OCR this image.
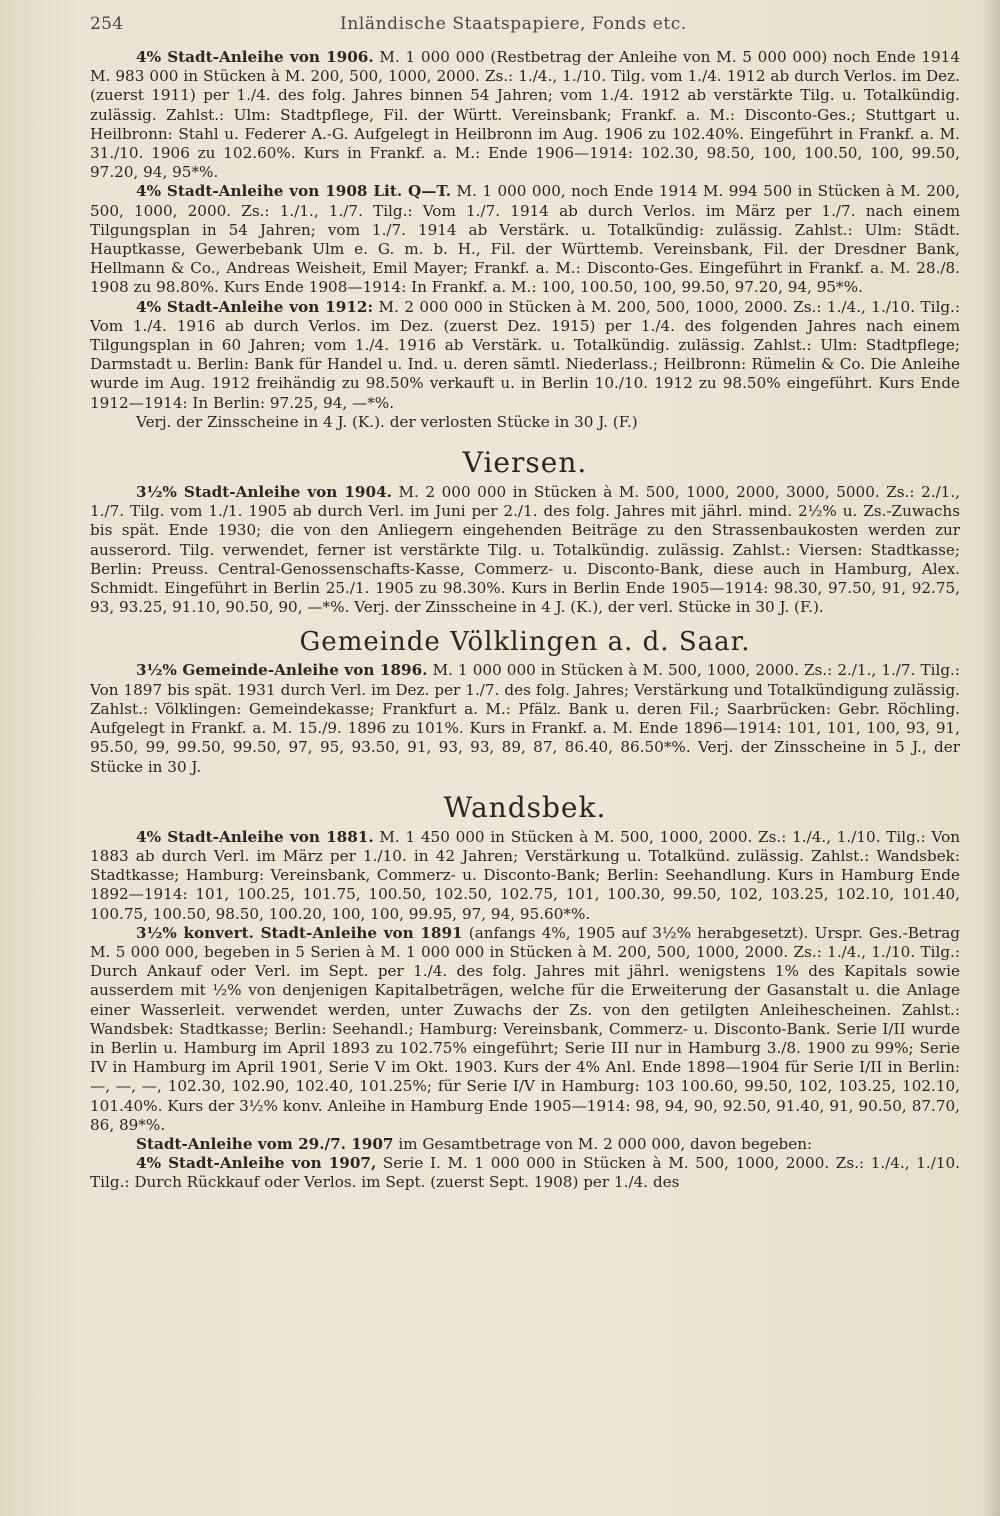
254	Inländische Staatspapiere, Fonds etc.

4% Stadt-Anleihe von 1906. M. 1 000 000 (Restbetrag der Anleihe von M. 5 000 000) noch Ende 1914 M. 983 000 in Stücken à M. 200, 500, 1000, 2000. Zs.: 1./4., 1./10. Tilg. vom 1./4. 1912 ab durch Verlos. im Dez. (zuerst 1911) per 1./4. des folg. Jahres binnen 54 Jahren; vom 1./4. 1912 ab verstärkte Tilg. u. Totalkündig. zulässig. Zahlst.: Ulm: Stadtpflege, Fil. der Württ. Vereinsbank; Frankf. a. M.: Disconto-Ges.; Stuttgart u. Heilbronn: Stahl u. Federer A.-G. Aufgelegt in Heilbronn im Aug. 1906 zu 102.40%. Eingeführt in Frankf. a. M. 31./10. 1906 zu 102.60%. Kurs in Frankf. a. M.: Ende 1906—1914: 102.30, 98.50, 100, 100.50, 100, 99.50, 97.20, 94, 95*%.

4% Stadt-Anleihe von 1908 Lit. Q—T. M. 1 000 000, noch Ende 1914 M. 994 500 in Stücken à M. 200, 500, 1000, 2000. Zs.: 1./1., 1./7. Tilg.: Vom 1./7. 1914 ab durch Verlos. im März per 1./7. nach einem Tilgungsplan in 54 Jahren; vom 1./7. 1914 ab Verstärk. u. Totalkündig: zulässig. Zahlst.: Ulm: Städt. Hauptkasse, Gewerbebank Ulm e. G. m. b. H., Fil. der Württemb. Vereinsbank, Fil. der Dresdner Bank, Hellmann & Co., Andreas Weisheit, Emil Mayer; Frankf. a. M.: Disconto-Ges. Eingeführt in Frankf. a. M. 28./8. 1908 zu 98.80%. Kurs Ende 1908—1914: In Frankf. a. M.: 100, 100.50, 100, 99.50, 97.20, 94, 95*%.

4% Stadt-Anleihe von 1912: M. 2 000 000 in Stücken à M. 200, 500, 1000, 2000. Zs.: 1./4., 1./10. Tilg.: Vom 1./4. 1916 ab durch Verlos. im Dez. (zuerst Dez. 1915) per 1./4. des folgenden Jahres nach einem Tilgungsplan in 60 Jahren; vom 1./4. 1916 ab Verstärk. u. Totalkündig. zulässig. Zahlst.: Ulm: Stadtpflege; Darmstadt u. Berlin: Bank für Handel u. Ind. u. deren sämtl. Niederlass.; Heilbronn: Rümelin & Co. Die Anleihe wurde im Aug. 1912 freihändig zu 98.50% verkauft u. in Berlin 10./10. 1912 zu 98.50% eingeführt. Kurs Ende 1912—1914: In Berlin: 97.25, 94, —*%.

Verj. der Zinsscheine in 4 J. (K.). der verlosten Stücke in 30 J. (F.)

Viersen.

3½% Stadt-Anleihe von 1904. M. 2 000 000 in Stücken à M. 500, 1000, 2000, 3000, 5000. Zs.: 2./1., 1./7. Tilg. vom 1./1. 1905 ab durch Verl. im Juni per 2./1. des folg. Jahres mit jährl. mind. 2½% u. Zs.-Zuwachs bis spät. Ende 1930; die von den Anliegern eingehenden Beiträge zu den Strassenbaukosten werden zur ausserord. Tilg. verwendet, ferner ist verstärkte Tilg. u. Totalkündig. zulässig. Zahlst.: Viersen: Stadtkasse; Berlin: Preuss. Central-Genossenschafts-Kasse, Commerz- u. Disconto-Bank, diese auch in Hamburg, Alex. Schmidt. Eingeführt in Berlin 25./1. 1905 zu 98.30%. Kurs in Berlin Ende 1905—1914: 98.30, 97.50, 91, 92.75, 93, 93.25, 91.10, 90.50, 90, —*%. Verj. der Zinsscheine in 4 J. (K.), der verl. Stücke in 30 J. (F.).

Gemeinde Völklingen a. d. Saar.

3½% Gemeinde-Anleihe von 1896. M. 1 000 000 in Stücken à M. 500, 1000, 2000. Zs.: 2./1., 1./7. Tilg.: Von 1897 bis spät. 1931 durch Verl. im Dez. per 1./7. des folg. Jahres; Verstärkung und Totalkündigung zulässig. Zahlst.: Völklingen: Gemeindekasse; Frankfurt a. M.: Pfälz. Bank u. deren Fil.; Saarbrücken: Gebr. Röchling. Aufgelegt in Frankf. a. M. 15./9. 1896 zu 101%. Kurs in Frankf. a. M. Ende 1896—1914: 101, 101, 100, 93, 91, 95.50, 99, 99.50, 99.50, 97, 95, 93.50, 91, 93, 93, 89, 87, 86.40, 86.50*%. Verj. der Zinsscheine in 5 J., der Stücke in 30 J.

Wandsbek.

4% Stadt-Anleihe von 1881. M. 1 450 000 in Stücken à M. 500, 1000, 2000. Zs.: 1./4., 1./10. Tilg.: Von 1883 ab durch Verl. im März per 1./10. in 42 Jahren; Verstärkung u. Totalkünd. zulässig. Zahlst.: Wandsbek: Stadtkasse; Hamburg: Vereinsbank, Commerz- u. Disconto-Bank; Berlin: Seehandlung. Kurs in Hamburg Ende 1892—1914: 101, 100.25, 101.75, 100.50, 102.50, 102.75, 101, 100.30, 99.50, 102, 103.25, 102.10, 101.40, 100.75, 100.50, 98.50, 100.20, 100, 100, 99.95, 97, 94, 95.60*%.

3½% konvert. Stadt-Anleihe von 1891 (anfangs 4%, 1905 auf 3½% herabgesetzt). Urspr. Ges.-Betrag M. 5 000 000, begeben in 5 Serien à M. 1 000 000 in Stücken à M. 200, 500, 1000, 2000. Zs.: 1./4., 1./10. Tilg.: Durch Ankauf oder Verl. im Sept. per 1./4. des folg. Jahres mit jährl. wenigstens 1% des Kapitals sowie ausserdem mit ½% von denjenigen Kapitalbeträgen, welche für die Erweiterung der Gasanstalt u. die Anlage einer Wasserleit. verwendet werden, unter Zuwachs der Zs. von den getilgten Anleihescheinen. Zahlst.: Wandsbek: Stadtkasse; Berlin: Seehandl.; Hamburg: Vereinsbank, Commerz- u. Disconto-Bank. Serie I/II wurde in Berlin u. Hamburg im April 1893 zu 102.75% eingeführt; Serie III nur in Hamburg 3./8. 1900 zu 99%; Serie IV in Hamburg im April 1901, Serie V im Okt. 1903. Kurs der 4% Anl. Ende 1898—1904 für Serie I/II in Berlin: —, —, —, 102.30, 102.90, 102.40, 101.25%; für Serie I/V in Hamburg: 103 100.60, 99.50, 102, 103.25, 102.10, 101.40%. Kurs der 3½% konv. Anleihe in Hamburg Ende 1905—1914: 98, 94, 90, 92.50, 91.40, 91, 90.50, 87.70, 86, 89*%.

Stadt-Anleihe vom 29./7. 1907 im Gesamtbetrage von M. 2 000 000, davon begeben:

4% Stadt-Anleihe von 1907, Serie I. M. 1 000 000 in Stücken à M. 500, 1000, 2000. Zs.: 1./4., 1./10. Tilg.: Durch Rückkauf oder Verlos. im Sept. (zuerst Sept. 1908) per 1./4. des
